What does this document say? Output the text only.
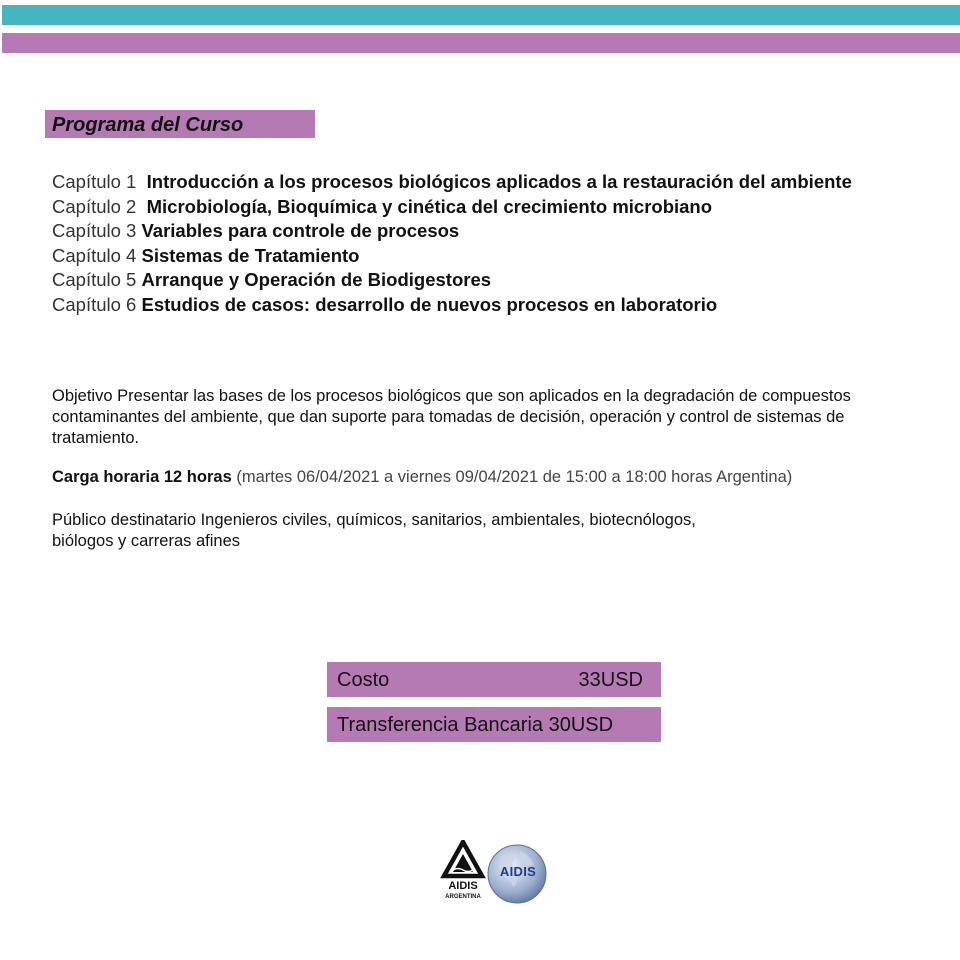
Programa del Curso

Capítulo 1 Introducción a los procesos biológicos aplicados a la restauración del ambiente

Capítulo 2 Microbiología, Bioquímica y cinética del crecimiento microbiano

Capítulo 3 Variables para controle de procesos

Capítulo 4 Sistemas de Tratamiento

Capítulo 5 Arranque y Operación de Biodigestores

Capítulo 6 Estudios de casos: desarrollo de nuevos procesos en laboratorio

Objetivo Presentar las bases de los procesos biológicos que son aplicados en la degradación de compuestos contaminantes del ambiente, que dan suporte para tomadas de decisión, operación y control de sistemas de tratamiento.
Carga horaria 12 horas (martes 06/04/2021 a viernes 09/04/2021 de 15:00 a 18:00 horas Argentina)
Público destinatario Ingenieros civiles, químicos, sanitarios, ambientales, biotecnólogos, biólogos y carreras afines
Costo	33USD
Transferencia Bancaria 30USD
AIDIS
ARGENTINA
AIDIS
